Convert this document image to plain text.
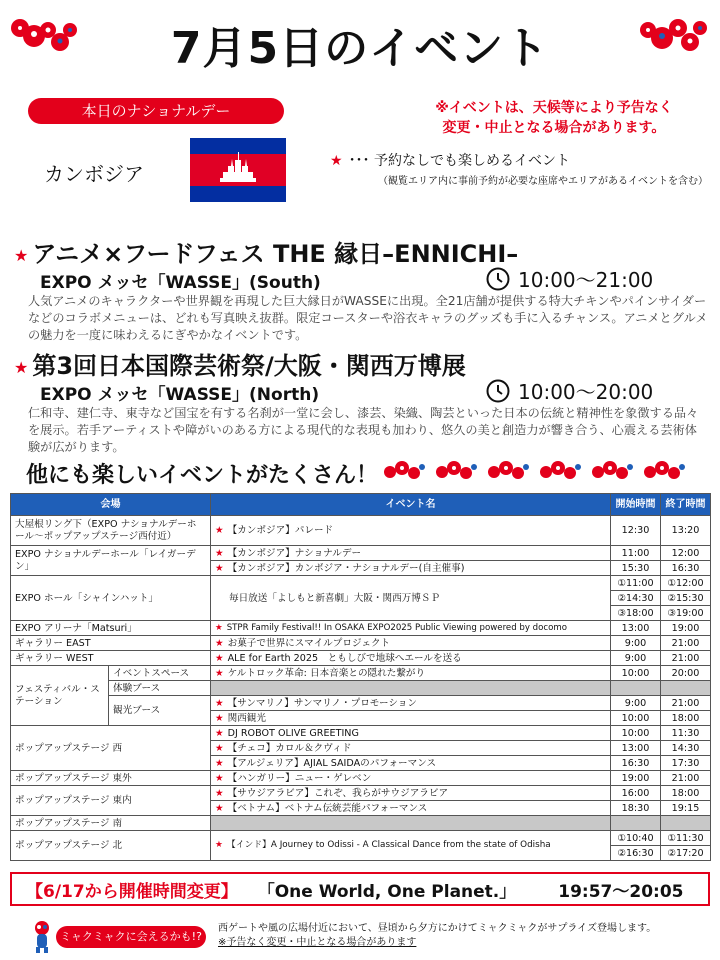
7月5日のイベント
本日のナショナルデー
カンボジア
※イベントは、天候等により予告なく
変更・中止となる場合があります。
★ ･･･ 予約なしでも楽しめるイベント
（観覧エリア内に事前予約が必要な座席やエリアがあるイベントを含む）
★ アニメ×フードフェス THE 縁日–ENNICHI–
EXPO メッセ「WASSE」(South)	10:00～21:00
人気アニメのキャラクターや世界観を再現した巨大縁日がWASSEに出現。全21店舗が提供する特大チキンやパインサイダーなどのコラボメニューは、どれも写真映え抜群。限定コースターや浴衣キャラのグッズも手に入るチャンス。アニメとグルメの魅力を一度に味わえるにぎやかなイベントです。
★ 第3回日本国際芸術祭/大阪・関西万博展
EXPO メッセ「WASSE」(North)	10:00～20:00
仁和寺、建仁寺、東寺など国宝を有する名刹が一堂に会し、漆芸、染織、陶芸といった日本の伝統と精神性を象徴する品々を展示。若手アーティストや障がいのある方による現代的な表現も加わり、悠久の美と創造力が響き合う、心震える芸術体験が広がります。
他にも楽しいイベントがたくさん！
会場		イベント名	開始時間	終了時間
大屋根リング下（EXPO ナショナルデーホール～ポップアップステージ西付近）		★ 【カンボジア】パレード	12:30	13:20
EXPO ナショナルデーホール「レイガーデン」		★ 【カンボジア】ナショナルデー	11:00	12:00
		★ 【カンボジア】カンボジア・ナショナルデー(自主催事)	15:30	16:30
EXPO ホール「シャインハット」		毎日放送「よしもと新喜劇」大阪・関西万博ＳＰ	①11:00	①12:00
			②14:30	②15:30
			③18:00	③19:00
EXPO アリーナ「Matsuri」		★ STPR Family Festival!! In OSAKA EXPO2025 Public Viewing powered by docomo	13:00	19:00
ギャラリー EAST		★ お菓子で世界にスマイルプロジェクト	9:00	21:00
ギャラリー WEST		★ ALE for Earth 2025　ともしびで地球へエールを送る	9:00	21:00
フェスティバル・ステーション	イベントスペース	★ ケルトロック革命: 日本音楽との隠れた繋がり	10:00	20:00
	体験ブース			
	観光ブース	★ 【サンマリノ】サンマリノ・プロモーション	9:00	21:00
		★ 関西観光	10:00	18:00
ポップアップステージ 西		★ DJ ROBOT OLIVE GREETING	10:00	11:30
		★ 【チェコ】カロル＆クヴィド	13:00	14:30
		★ 【アルジェリア】AJIAL SAIDAのパフォーマンス	16:30	17:30
ポップアップステージ 東外		★ 【ハンガリー】ニュー・ゲレベン	19:00	21:00
ポップアップステージ 東内		★ 【サウジアラビア】これぞ、我らがサウジアラビア	16:00	18:00
		★ 【ベトナム】ベトナム伝統芸能パフォーマンス	18:30	19:15
ポップアップステージ 南				
ポップアップステージ 北		★ 【インド】A Journey to Odissi - A Classical Dance from the state of Odisha	①10:40	①11:30
			②16:30	②17:20
【6/17から開催時間変更】 「One World, One Planet.」 19:57～20:05
ミャクミャクに会えるかも!?
西ゲートや風の広場付近において、昼頃から夕方にかけてミャクミャクがサプライズ登場します。
※予告なく変更・中止となる場合があります
